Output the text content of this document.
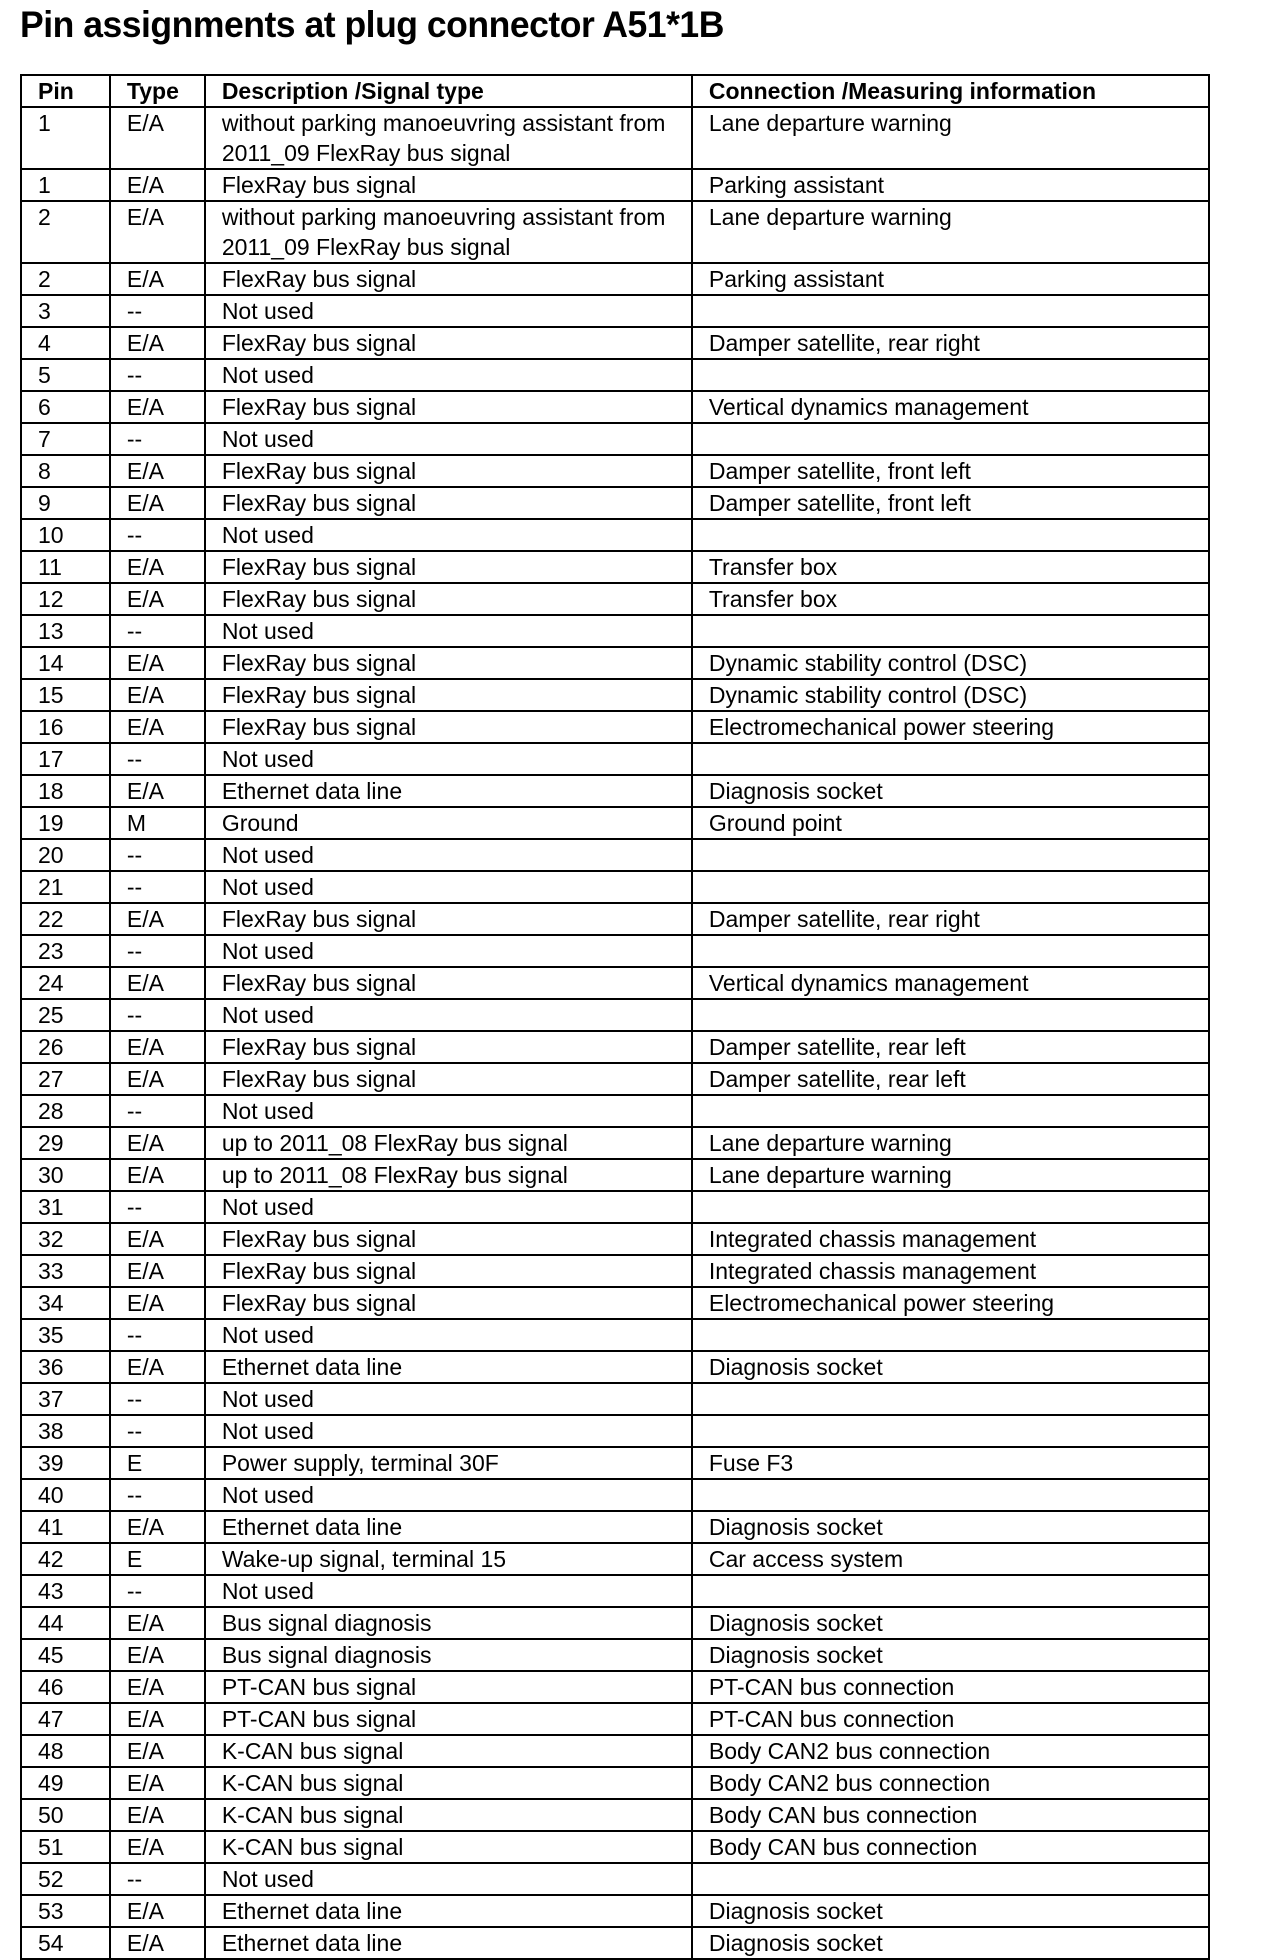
Pin assignments at plug connector A51*1B
Pin	Type	Description /Signal type	Connection /Measuring information
1	E/A	without parking manoeuvring assistant from 2011_09 FlexRay bus signal	Lane departure warning
1	E/A	FlexRay bus signal	Parking assistant
2	E/A	without parking manoeuvring assistant from 2011_09 FlexRay bus signal	Lane departure warning
2	E/A	FlexRay bus signal	Parking assistant
3	--	Not used	
4	E/A	FlexRay bus signal	Damper satellite, rear right
5	--	Not used	
6	E/A	FlexRay bus signal	Vertical dynamics management
7	--	Not used	
8	E/A	FlexRay bus signal	Damper satellite, front left
9	E/A	FlexRay bus signal	Damper satellite, front left
10	--	Not used	
11	E/A	FlexRay bus signal	Transfer box
12	E/A	FlexRay bus signal	Transfer box
13	--	Not used	
14	E/A	FlexRay bus signal	Dynamic stability control (DSC)
15	E/A	FlexRay bus signal	Dynamic stability control (DSC)
16	E/A	FlexRay bus signal	Electromechanical power steering
17	--	Not used	
18	E/A	Ethernet data line	Diagnosis socket
19	M	Ground	Ground point
20	--	Not used	
21	--	Not used	
22	E/A	FlexRay bus signal	Damper satellite, rear right
23	--	Not used	
24	E/A	FlexRay bus signal	Vertical dynamics management
25	--	Not used	
26	E/A	FlexRay bus signal	Damper satellite, rear left
27	E/A	FlexRay bus signal	Damper satellite, rear left
28	--	Not used	
29	E/A	up to 2011_08 FlexRay bus signal	Lane departure warning
30	E/A	up to 2011_08 FlexRay bus signal	Lane departure warning
31	--	Not used	
32	E/A	FlexRay bus signal	Integrated chassis management
33	E/A	FlexRay bus signal	Integrated chassis management
34	E/A	FlexRay bus signal	Electromechanical power steering
35	--	Not used	
36	E/A	Ethernet data line	Diagnosis socket
37	--	Not used	
38	--	Not used	
39	E	Power supply, terminal 30F	Fuse F3
40	--	Not used	
41	E/A	Ethernet data line	Diagnosis socket
42	E	Wake-up signal, terminal 15	Car access system
43	--	Not used	
44	E/A	Bus signal diagnosis	Diagnosis socket
45	E/A	Bus signal diagnosis	Diagnosis socket
46	E/A	PT-CAN bus signal	PT-CAN bus connection
47	E/A	PT-CAN bus signal	PT-CAN bus connection
48	E/A	K-CAN bus signal	Body CAN2 bus connection
49	E/A	K-CAN bus signal	Body CAN2 bus connection
50	E/A	K-CAN bus signal	Body CAN bus connection
51	E/A	K-CAN bus signal	Body CAN bus connection
52	--	Not used	
53	E/A	Ethernet data line	Diagnosis socket
54	E/A	Ethernet data line	Diagnosis socket
